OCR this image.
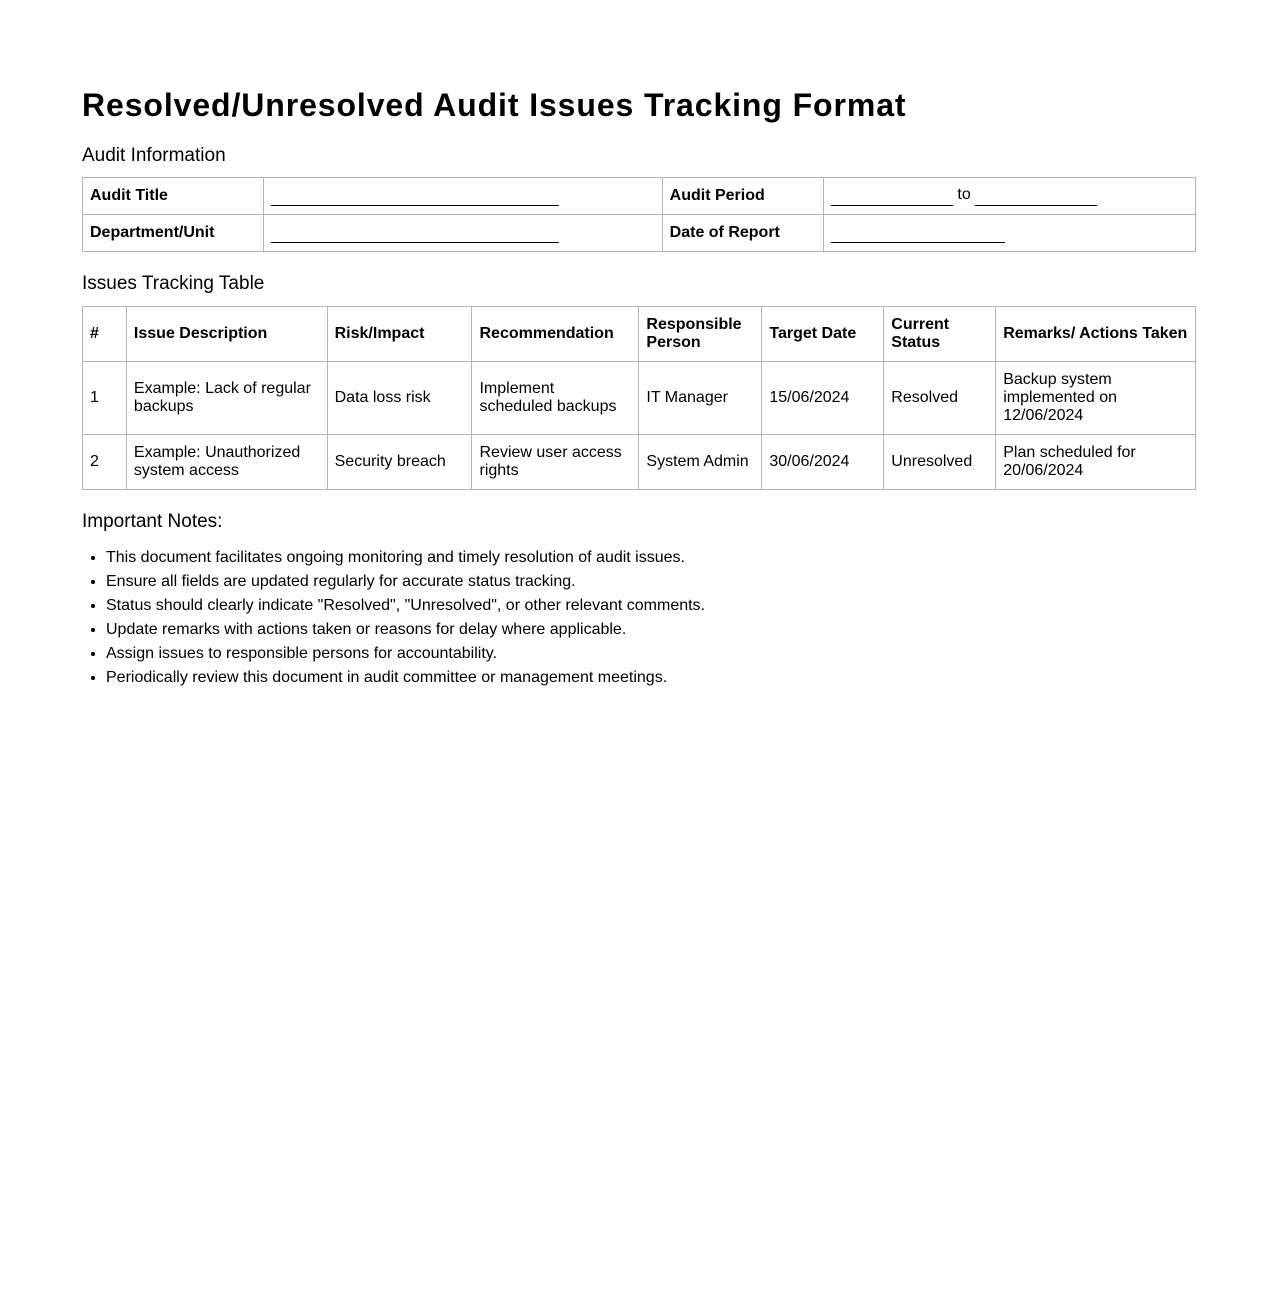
Resolved/Unresolved Audit Issues Tracking Format
Audit Information
Audit Title		Audit Period	to
Department/Unit		Date of Report	
Issues Tracking Table
#	Issue Description	Risk/Impact	Recommendation	Responsible Person	Target Date	Current Status	Remarks/ Actions Taken
1	Example: Lack of regular backups	Data loss risk	Implement scheduled backups	IT Manager	15/06/2024	Resolved	Backup system implemented on 12/06/2024
2	Example: Unauthorized system access	Security breach	Review user access rights	System Admin	30/06/2024	Unresolved	Plan scheduled for 20/06/2024
Important Notes:
• This document facilitates ongoing monitoring and timely resolution of audit issues.
• Ensure all fields are updated regularly for accurate status tracking.
• Status should clearly indicate "Resolved", "Unresolved", or other relevant comments.
• Update remarks with actions taken or reasons for delay where applicable.
• Assign issues to responsible persons for accountability.
• Periodically review this document in audit committee or management meetings.
